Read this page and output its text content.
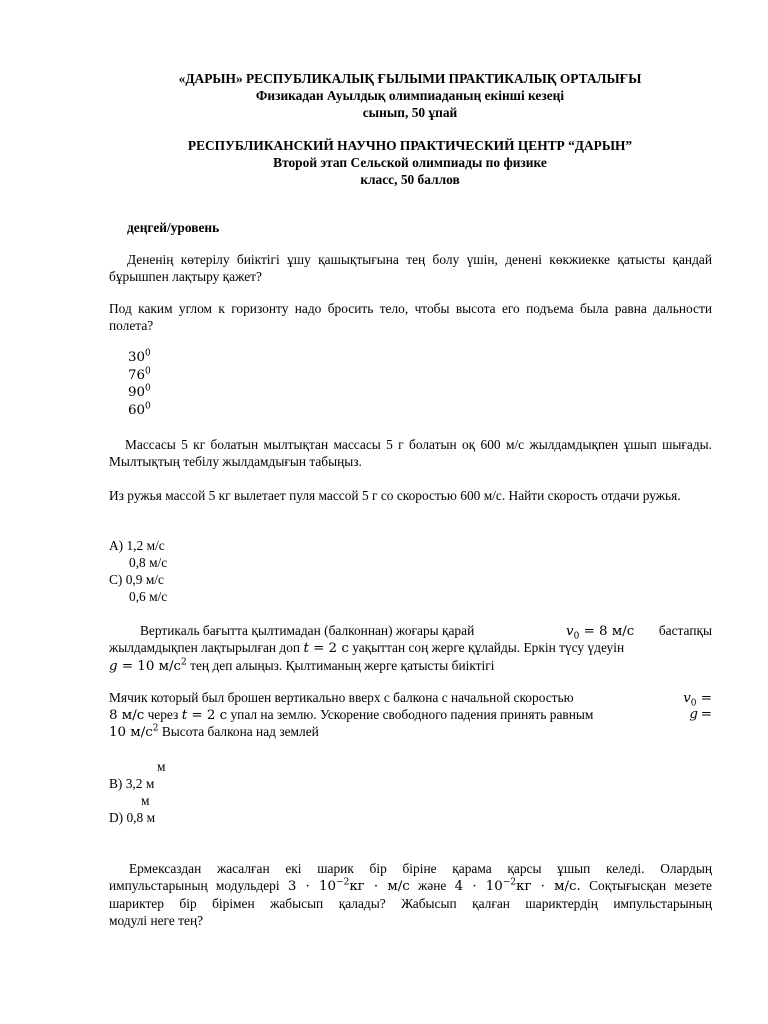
«ДАРЫН» РЕСПУБЛИКАЛЫҚ ҒЫЛЫМИ ПРАКТИКАЛЫҚ ОРТАЛЫҒЫ
Физикадан Ауылдық олимпиаданың екінші кезеңі
сынып, 50 ұпай
РЕСПУБЛИКАНСКИЙ НАУЧНО ПРАКТИЧЕСКИЙ ЦЕНТР “ДАРЫН”
Второй этап Сельской олимпиады по физике
класс, 50 баллов
деңгей/уровень
Дененің көтерілу биіктігі ұшу қашықтығына тең болу үшін, денені көкжиекке қатысты қандай бұрышпен лақтыру қажет?
Под каким углом к горизонту надо бросить тело, чтобы высота его подъема была равна дальности полета?
$30^0$
$76^0$
$90^0$
$60^0$
Массасы 5 кг болатын мылтықтан массасы 5 г болатын оқ 600 м/с жылдамдықпен ұшып шығады. Мылтықтың тебілу жылдамдығын табыңыз.
Из ружья массой 5 кг вылетает пуля массой 5 г со скоростью 600 м/с. Найти скорость отдачи ружья.
A) 1,2 м/с
0,8 м/с
C) 0,9 м/с
0,6 м/с
Вертикаль бағытта қылтимадан (балконнан) жоғары қарай	$v_0 = 8$ м/с бастапқы
жылдамдықпен лақтырылған доп t = 2 с уақыттан соң жерге құлайды. Еркін түсу үдеуін
g = 10 $м/с^2$ тең деп алыңыз. Қылтиманың жерге қатысты биіктігі
Мячик который был брошен вертикально вверх с балкона с начальной скоростью	$v_0$ =
8 м/с через t = 2 с упал на землю. Ускорение свободного падения принять равным	g =
10 $м/с^2$ Высота балкона над землей
м
B) 3,2 м
м
D) 0,8 м
Ермексаздан жасалған екі шарик бір біріне қарама қарсы ұшып келеді. Олардың
импульстарының модульдері $3 \cdot 10^{-2}кг \cdot м/с$ және $4 \cdot 10^{-2}кг \cdot м/с$. Соқтығысқан мезете
шариктер бір бірімен жабысып қалады? Жабысып қалған шариктердің импульстарының
модулі неге тең?
